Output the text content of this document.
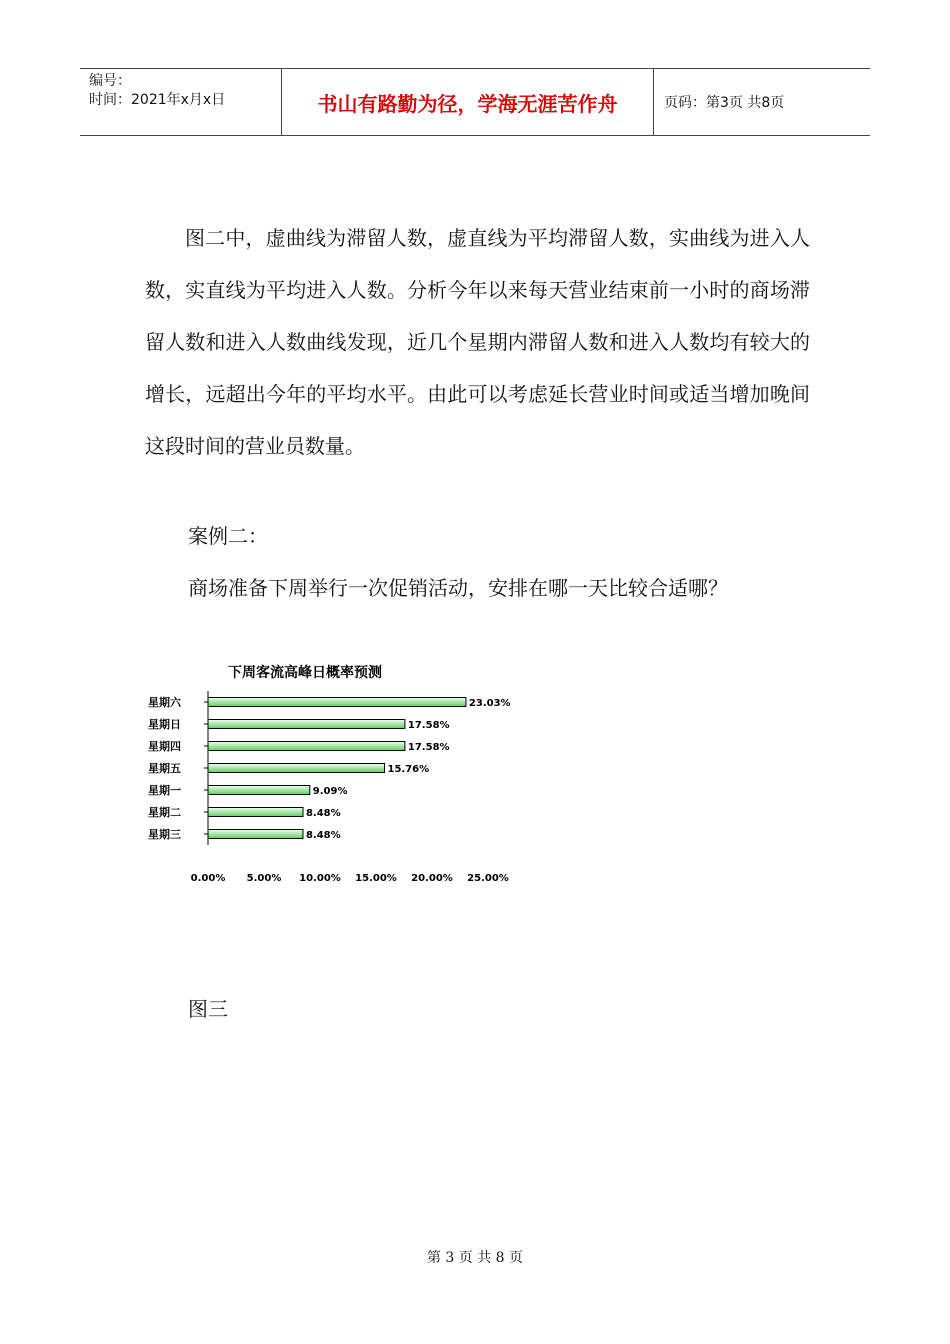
编号：
时间：2021年x月x日	书山有路勤为径，学海无涯苦作舟	页码：第3页 共8页

图二中，虚曲线为滞留人数，虚直线为平均滞留人数，实曲线为进入人数，实直线为平均进入人数。分析今年以来每天营业结束前一小时的商场滞留人数和进入人数曲线发现，近几个星期内滞留人数和进入人数均有较大的增长，远超出今年的平均水平。由此可以考虑延长营业时间或适当增加晚间这段时间的营业员数量。

案例二：

商场准备下周举行一次促销活动，安排在哪一天比较合适哪？

下周客流高峰日概率预测
星期六	23.03%
星期日	17.58%
星期四	17.58%
星期五	15.76%
星期一	9.09%
星期二	8.48%
星期三	8.48%
0.00% 5.00% 10.00% 15.00% 20.00% 25.00%

图三

第 3 页 共 8 页
